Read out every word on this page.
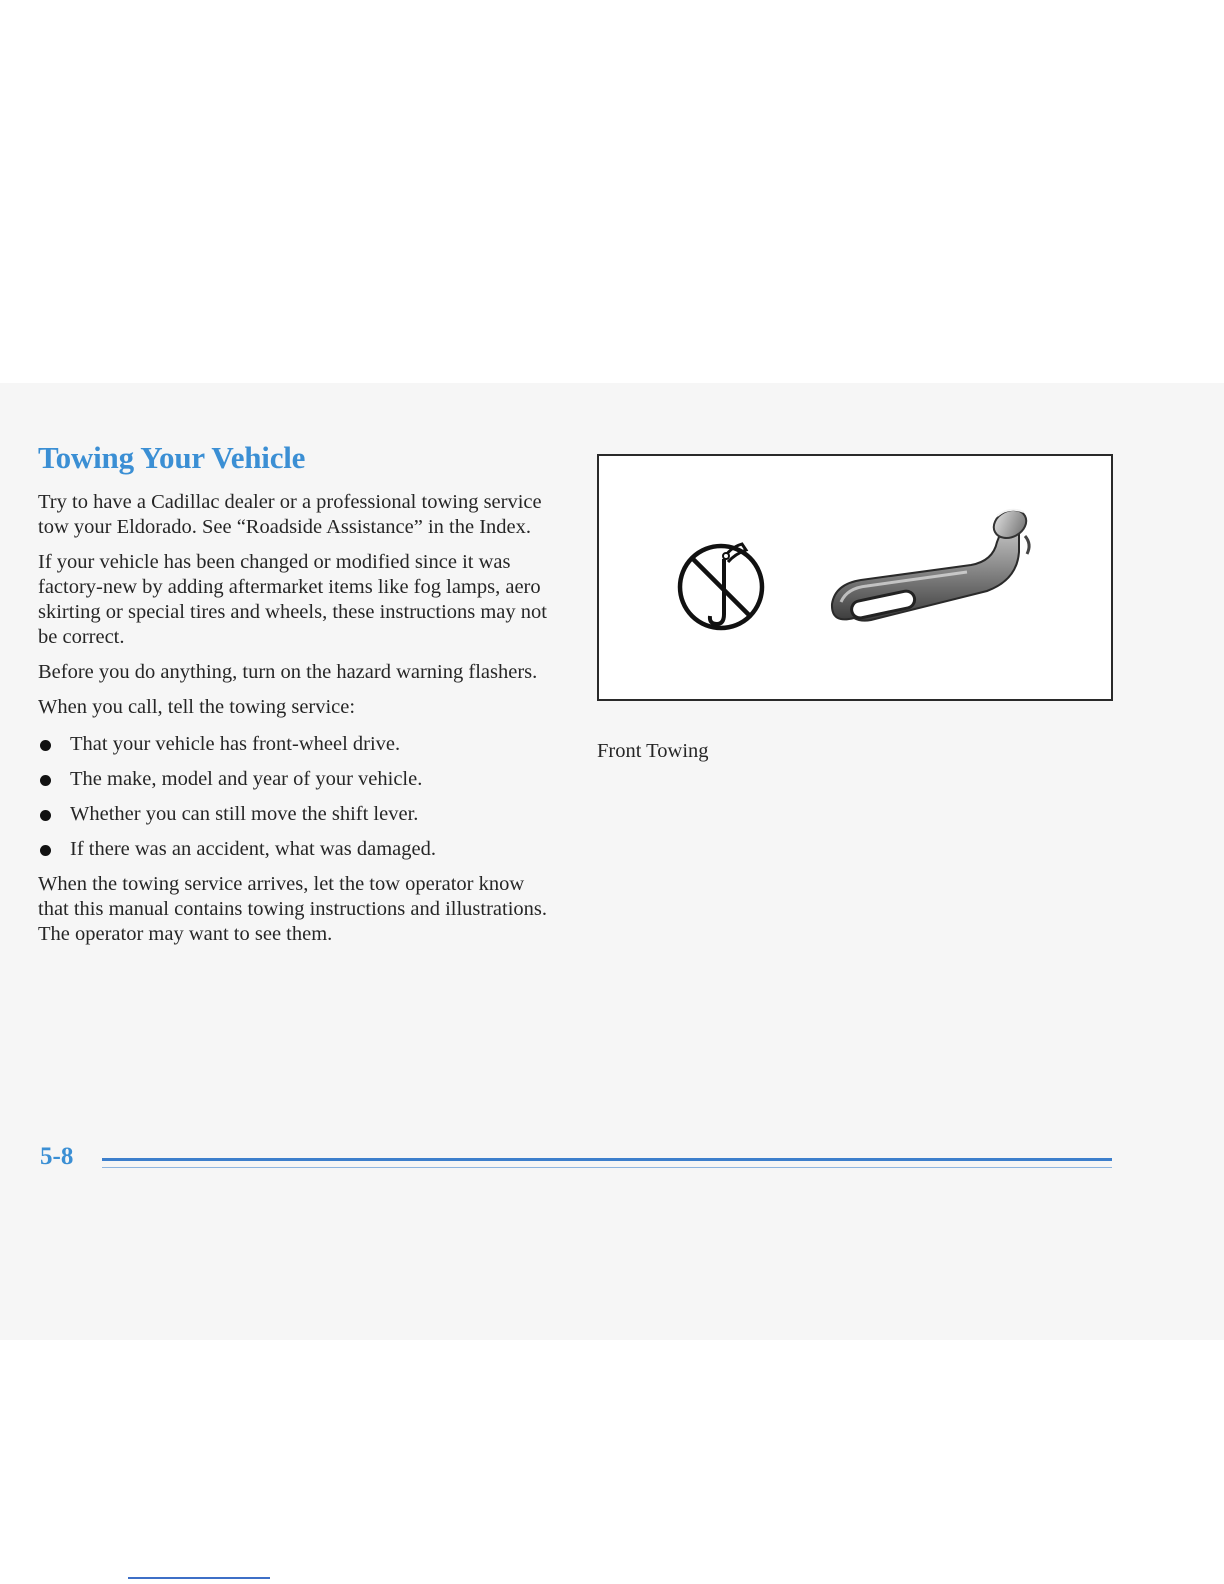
Towing Your Vehicle

Try to have a Cadillac dealer or a professional towing service tow your Eldorado. See “Roadside Assistance” in the Index.

If your vehicle has been changed or modified since it was factory-new by adding aftermarket items like fog lamps, aero skirting or special tires and wheels, these instructions may not be correct.

Before you do anything, turn on the hazard warning flashers.

When you call, tell the towing service:

That your vehicle has front-wheel drive.
The make, model and year of your vehicle.
Whether you can still move the shift lever.
If there was an accident, what was damaged.

When the towing service arrives, let the tow operator know that this manual contains towing instructions and illustrations. The operator may want to see them.

Front Towing
5-8
